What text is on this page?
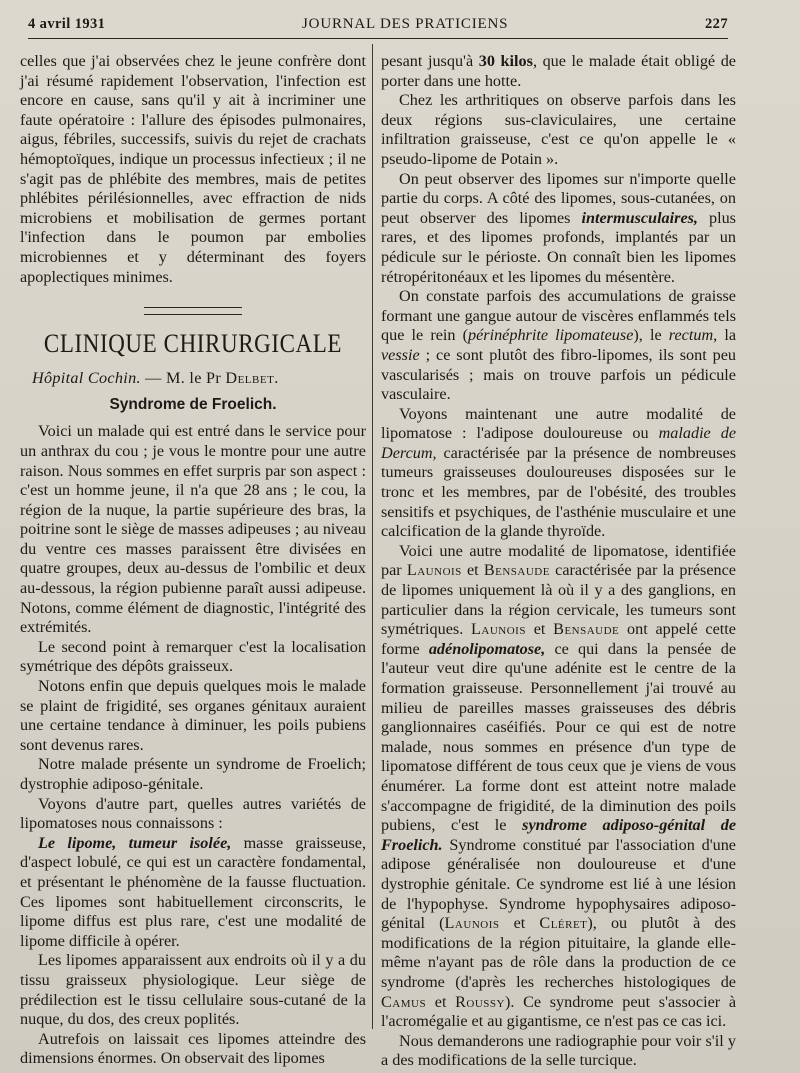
4 avril 1931	JOURNAL DES PRATICIENS	227

celles que j'ai observées chez le jeune confrère dont j'ai résumé rapidement l'observation, l'infection est encore en cause, sans qu'il y ait à incriminer une faute opératoire : l'allure des épisodes pulmonaires, aigus, fébriles, successifs, suivis du rejet de crachats hémoptoïques, indique un processus infectieux ; il ne s'agit pas de phlébite des membres, mais de petites phlébites périlésionnelles, avec effraction de nids microbiens et mobilisation de germes portant l'infection dans le poumon par embolies microbiennes et y déterminant des foyers apoplectiques minimes.

CLINIQUE CHIRURGICALE

Hôpital Cochin. — M. le Pr Delbet.

Syndrome de Froelich.

Voici un malade qui est entré dans le service pour un anthrax du cou ; je vous le montre pour une autre raison. Nous sommes en effet surpris par son aspect : c'est un homme jeune, il n'a que 28 ans ; le cou, la région de la nuque, la partie supérieure des bras, la poitrine sont le siège de masses adipeuses ; au niveau du ventre ces masses paraissent être divisées en quatre groupes, deux au-dessus de l'ombilic et deux au-dessous, la région pubienne paraît aussi adipeuse. Notons, comme élément de diagnostic, l'intégrité des extrémités.

Le second point à remarquer c'est la localisation symétrique des dépôts graisseux.

Notons enfin que depuis quelques mois le malade se plaint de frigidité, ses organes génitaux auraient une certaine tendance à diminuer, les poils pubiens sont devenus rares.

Notre malade présente un syndrome de Froelich; dystrophie adiposo-génitale.

Voyons d'autre part, quelles autres variétés de lipomatoses nous connaissons :

Le lipome, tumeur isolée, masse graisseuse, d'aspect lobulé, ce qui est un caractère fondamental, et présentant le phénomène de la fausse fluctuation. Ces lipomes sont habituellement circonscrits, le lipome diffus est plus rare, c'est une modalité de lipome difficile à opérer.

Les lipomes apparaissent aux endroits où il y a du tissu graisseux physiologique. Leur siège de prédilection est le tissu cellulaire sous-cutané de la nuque, du dos, des creux poplités.

Autrefois on laissait ces lipomes atteindre des dimensions énormes. On observait des lipomes

pesant jusqu'à 30 kilos, que le malade était obligé de porter dans une hotte.

Chez les arthritiques on observe parfois dans les deux régions sus-claviculaires, une certaine infiltration graisseuse, c'est ce qu'on appelle le « pseudo-lipome de Potain ».

On peut observer des lipomes sur n'importe quelle partie du corps. A côté des lipomes, sous-cutanées, on peut observer des lipomes intermusculaires, plus rares, et des lipomes profonds, implantés par un pédicule sur le périoste. On connaît bien les lipomes rétropéritonéaux et les lipomes du mésentère.

On constate parfois des accumulations de graisse formant une gangue autour de viscères enflammés tels que le rein (périnéphrite lipomateuse), le rectum, la vessie ; ce sont plutôt des fibro-lipomes, ils sont peu vascularisés ; mais on trouve parfois un pédicule vasculaire.

Voyons maintenant une autre modalité de lipomatose : l'adipose douloureuse ou maladie de Dercum, caractérisée par la présence de nombreuses tumeurs graisseuses douloureuses disposées sur le tronc et les membres, par de l'obésité, des troubles sensitifs et psychiques, de l'asthénie musculaire et une calcification de la glande thyroïde.

Voici une autre modalité de lipomatose, identifiée par Launois et Bensaude caractérisée par la présence de lipomes uniquement là où il y a des ganglions, en particulier dans la région cervicale, les tumeurs sont symétriques. Launois et Bensaude ont appelé cette forme adénolipomatose, ce qui dans la pensée de l'auteur veut dire qu'une adénite est le centre de la formation graisseuse. Personnellement j'ai trouvé au milieu de pareilles masses graisseuses des débris ganglionnaires caséifiés. Pour ce qui est de notre malade, nous sommes en présence d'un type de lipomatose différent de tous ceux que je viens de vous énumérer. La forme dont est atteint notre malade s'accompagne de frigidité, de la diminution des poils pubiens, c'est le syndrome adiposo-génital de Froelich. Syndrome constitué par l'association d'une adipose généralisée non douloureuse et d'une dystrophie génitale. Ce syndrome est lié à une lésion de l'hypophyse. Syndrome hypophysaires adiposo-génital (Launois et Cléret), ou plutôt à des modifications de la région pituitaire, la glande elle-même n'ayant pas de rôle dans la production de ce syndrome (d'après les recherches histologiques de Camus et Roussy). Ce syndrome peut s'associer à l'acromégalie et au gigantisme, ce n'est pas ce cas ici.

Nous demanderons une radiographie pour voir s'il y a des modifications de la selle turcique.
